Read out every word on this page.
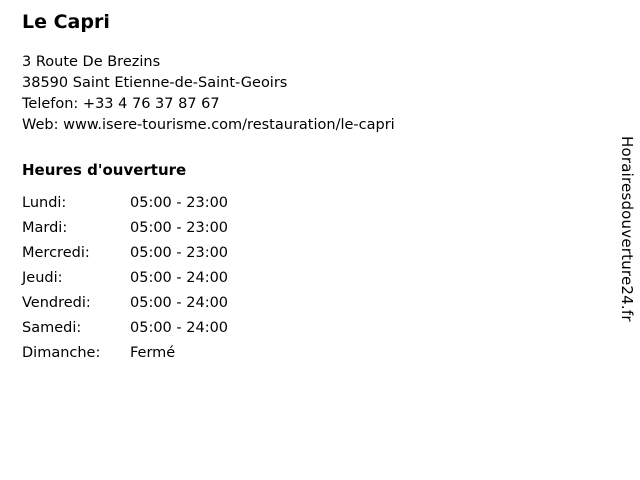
Le Capri

3 Route De Brezins

38590 Saint Etienne-de-Saint-Geoirs

Telefon: +33 4 76 37 87 67

Web: www.isere-tourisme.com/restauration/le-capri

Heures d'ouverture
Lundi:	05:00 - 23:00
Mardi:	05:00 - 23:00
Mercredi:	05:00 - 23:00
Jeudi:	05:00 - 24:00
Vendredi:	05:00 - 24:00
Samedi:	05:00 - 24:00
Dimanche:	Fermé
Horairesdouverture24.fr
